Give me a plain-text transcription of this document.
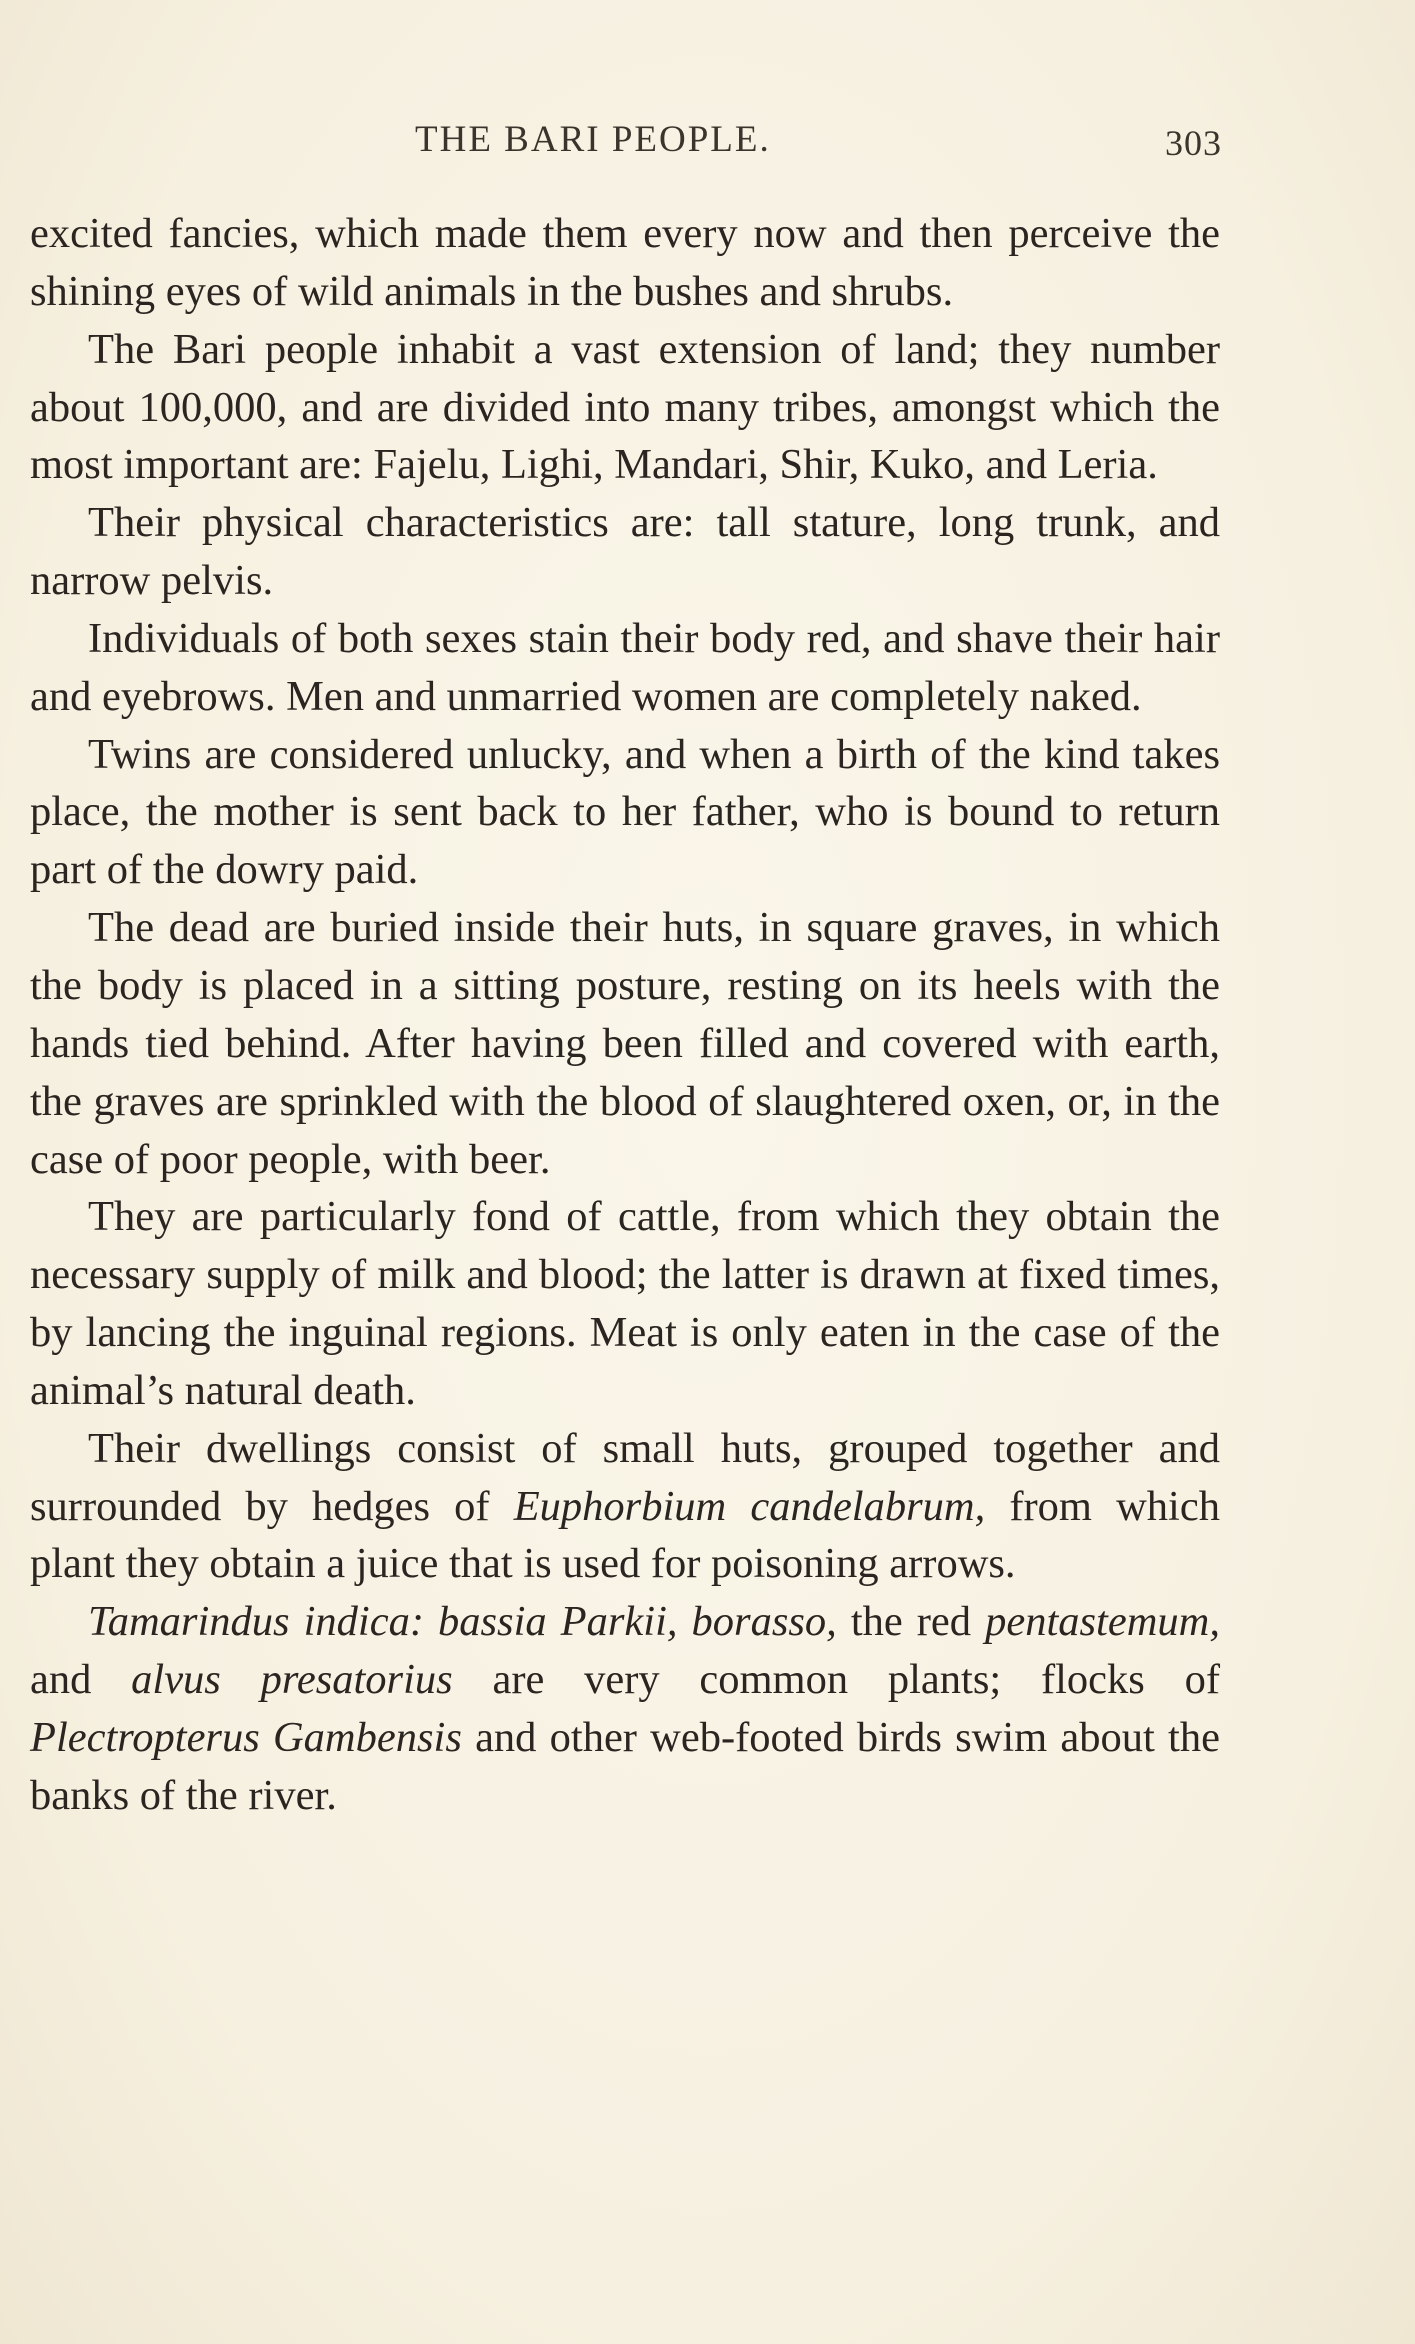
THE BARI PEOPLE.	303

excited fancies, which made them every now and then perceive the shining eyes of wild animals in the bushes and shrubs.

The Bari people inhabit a vast extension of land; they number about 100,000, and are divided into many tribes, amongst which the most important are: Fajelu, Lighi, Mandari, Shir, Kuko, and Leria.

Their physical characteristics are: tall stature, long trunk, and narrow pelvis.

Individuals of both sexes stain their body red, and shave their hair and eyebrows. Men and unmarried women are completely naked.

Twins are considered unlucky, and when a birth of the kind takes place, the mother is sent back to her father, who is bound to return part of the dowry paid.

The dead are buried inside their huts, in square graves, in which the body is placed in a sitting posture, resting on its heels with the hands tied behind. After having been filled and covered with earth, the graves are sprinkled with the blood of slaughtered oxen, or, in the case of poor people, with beer.

They are particularly fond of cattle, from which they obtain the necessary supply of milk and blood; the latter is drawn at fixed times, by lancing the inguinal regions. Meat is only eaten in the case of the animal’s natural death.

Their dwellings consist of small huts, grouped together and surrounded by hedges of Euphorbium candelabrum, from which plant they obtain a juice that is used for poisoning arrows.

Tamarindus indica: bassia Parkii, borasso, the red pentastemum, and alvus presatorius are very common plants; flocks of Plectropterus Gambensis and other web-footed birds swim about the banks of the river.
